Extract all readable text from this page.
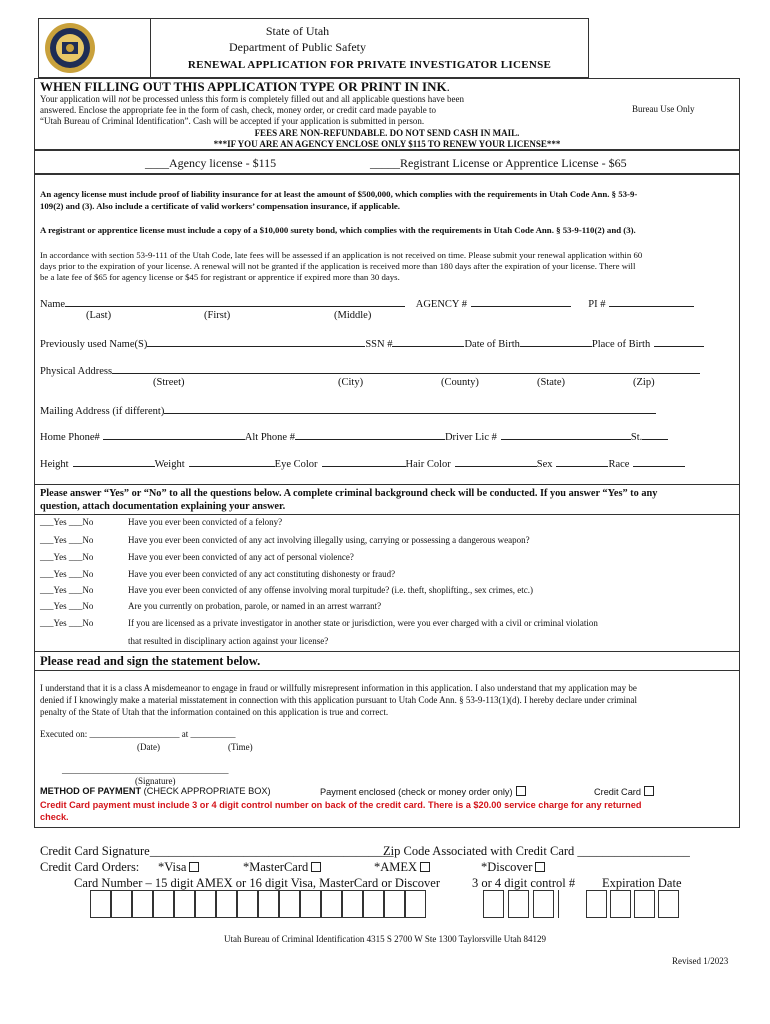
State of Utah
Department of Public Safety
RENEWAL APPLICATION FOR PRIVATE INVESTIGATOR LICENSE
WHEN FILLING OUT THIS APPLICATION TYPE OR PRINT IN INK.
Bureau Use Only
Your application will not be processed unless this form is completely filled out and all applicable questions have been
answered. Enclose the appropriate fee in the form of cash, check, money order, or credit card made payable to
“Utah Bureau of Criminal Identification”. Cash will be accepted if your application is submitted in person.
FEES ARE NON-REFUNDABLE. DO NOT SEND CASH IN MAIL.
***IF YOU ARE AN AGENCY ENCLOSE ONLY $115 TO RENEW YOUR LICENSE***
____Agency license - $115	_____Registrant License or Apprentice License - $65
An agency license must include proof of liability insurance for at least the amount of $500,000, which complies with the requirements in Utah Code Ann. § 53-9-
109(2) and (3). Also include a certificate of valid workers’ compensation insurance, if applicable.
A registrant or apprentice license must include a copy of a $10,000 surety bond, which complies with the requirements in Utah Code Ann. § 53-9-110(2) and (3).
In accordance with section 53-9-111 of the Utah Code, late fees will be assessed if an application is not received on time. Please submit your renewal application within 60
days prior to the expiration of your license. A renewal will not be granted if the application is received more than 180 days after the expiration of your license. There will
be a late fee of $65 for agency license or $45 for registrant or apprentice if expired more than 30 days.
Name	AGENCY #	PI #
(Last)	(First)	(Middle)
Previously used Name(S)	SSN #	Date of Birth	Place of Birth
Physical Address
(Street)	(City)	(County)	(State)	(Zip)
Mailing Address (if different)
Home Phone#	Alt Phone #	Driver Lic #	St.
Height	Weight	Eye Color	Hair Color	Sex	Race
Please answer “Yes” or “No” to all the questions below. A complete criminal background check will be conducted. If you answer “Yes” to any
question, attach documentation explaining your answer.
___Yes ___No	Have you ever been convicted of a felony?
___Yes ___No	Have you ever been convicted of any act involving illegally using, carrying or possessing a dangerous weapon?
___Yes ___No	Have you ever been convicted of any act of personal violence?
___Yes ___No	Have you ever been convicted of any act constituting dishonesty or fraud?
___Yes ___No	Have you ever been convicted of any offense involving moral turpitude? (i.e. theft, shoplifting., sex crimes, etc.)
___Yes ___No	Are you currently on probation, parole, or named in an arrest warrant?
___Yes ___No	If you are licensed as a private investigator in another state or jurisdiction, were you ever charged with a civil or criminal violation
that resulted in disciplinary action against your license?
Please read and sign the statement below.
I understand that it is a class A misdemeanor to engage in fraud or willfully misrepresent information in this application. I also understand that my application may be
denied if I knowingly make a material misstatement in connection with this application pursuant to Utah Code Ann. § 53-9-113(1)(d). I hereby declare under criminal
penalty of the State of Utah that the information contained on this application is true and correct.
Executed on: ____________________ at __________
(Date)	(Time)
_____________________________________
(Signature)
METHOD OF PAYMENT (CHECK APPROPRIATE BOX)	Payment enclosed (check or money order only)	Credit Card
Credit Card payment must include 3 or 4 digit control number on back of the credit card. There is a $20.00 service charge for any returned
check.
Credit Card Signature_______________________________________
Zip Code Associated with Credit Card __________________
Credit Card Orders: *Visa	*MasterCard	*AMEX	*Discover
Card Number – 15 digit AMEX or 16 digit Visa, MasterCard or Discover	3 or 4 digit control # Expiration Date
Utah Bureau of Criminal Identification 4315 S 2700 W Ste 1300 Taylorsville Utah 84129
Revised 1/2023
